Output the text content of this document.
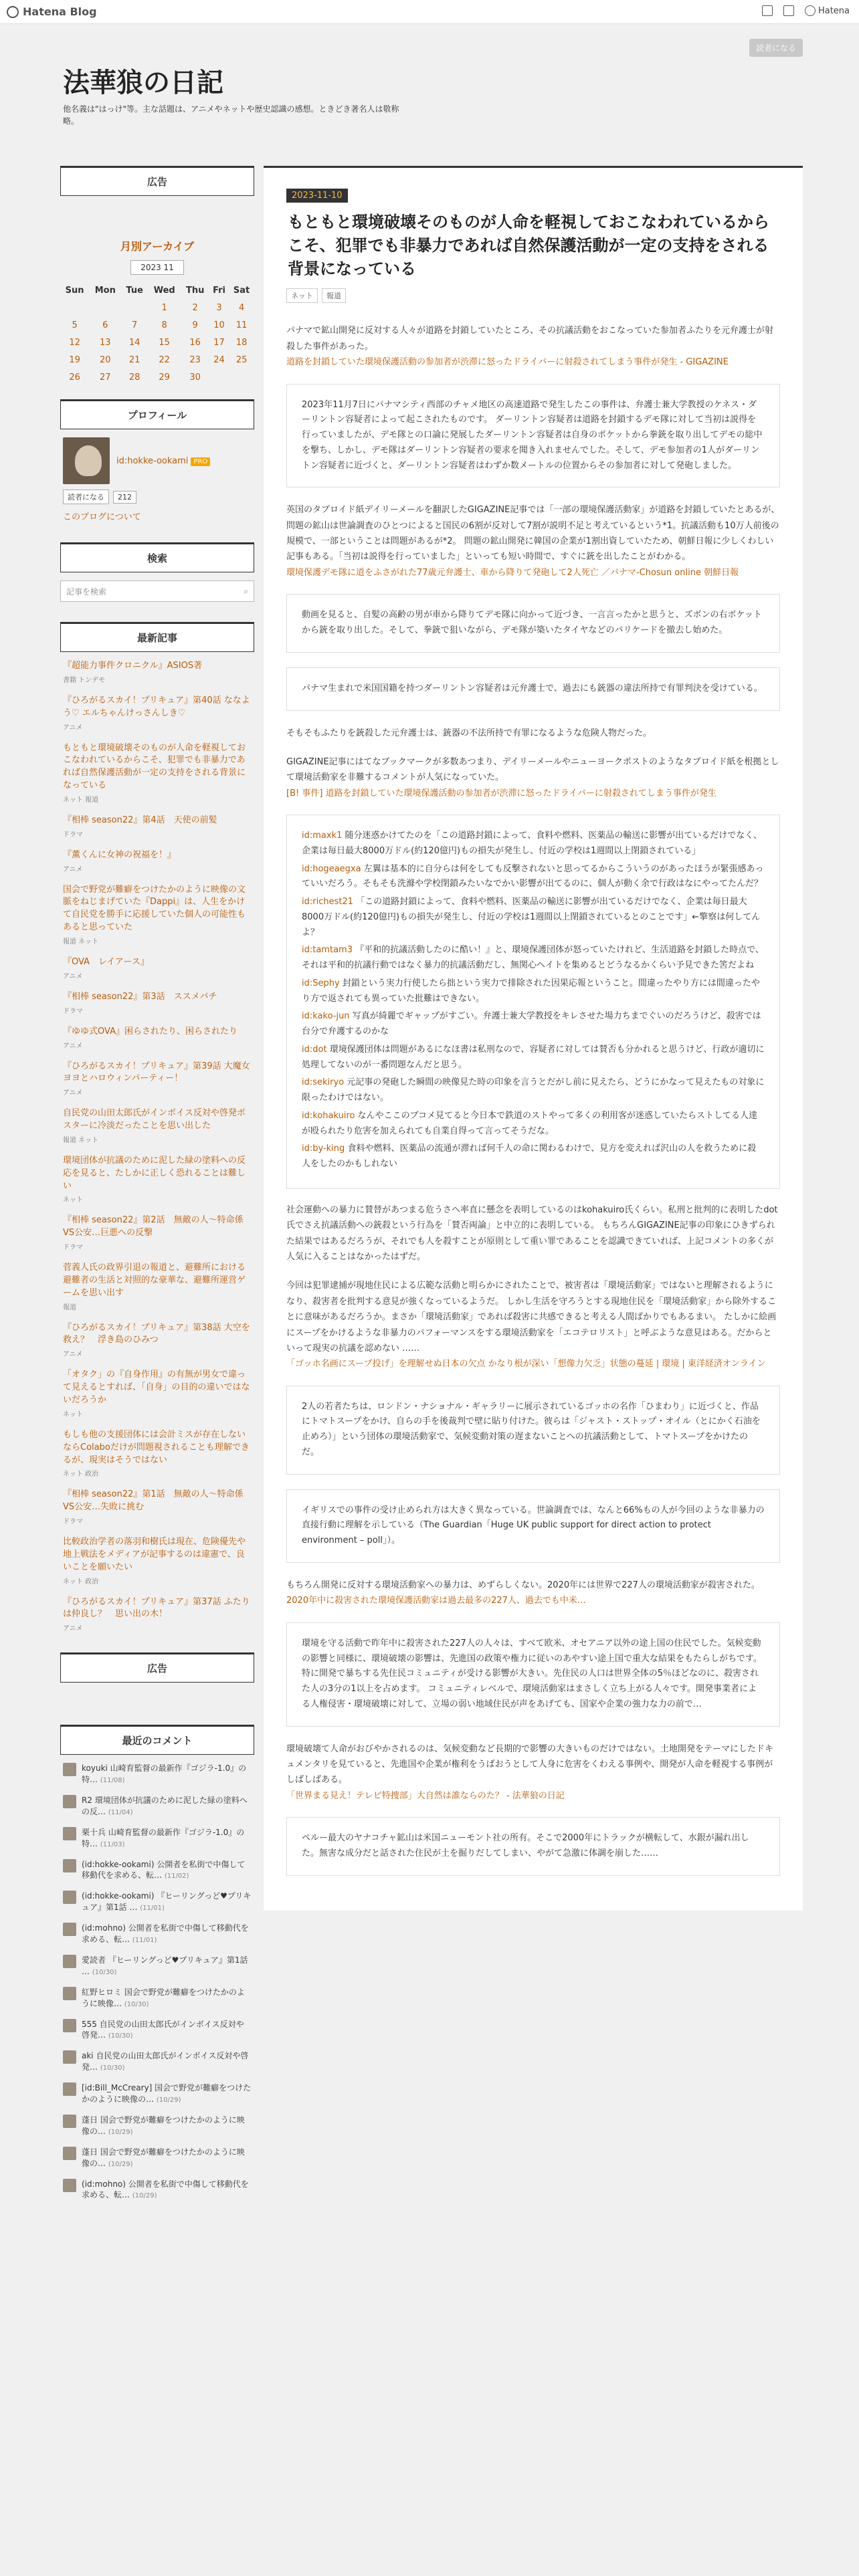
Hatena Blog	Hatena
法華狼の日記
他名義は"はっけ"等。主な話題は、アニメやネットや歴史認識の感想。ときどき著名人は敬称略。
読者になる
広告
月別アーカイブ
2023 11
Sun	Mon	Tue	Wed	Thu	Fri	Sat
			1	2	3	4
5	6	7	8	9	10	11
12	13	14	15	16	17	18
19	20	21	22	23	24	25
26	27	28	29	30		
プロフィール
id:hokke-ookami PRO
読者になる	212
このブログについて
検索
記事を検索	⌕
最新記事
『超能力事件クロニクル』ASIOS著
書籍 トンデモ
『ひろがるスカイ！プリキュア』第40話 ななよう♡ エルちゃんけっさんしき♡
アニメ
もともと環境破壊そのものが人命を軽視しておこなわれているからこそ、犯罪でも非暴力であれば自然保護活動が一定の支持をされる背景になっている
ネット 報道
『相棒 season22』第4話　天使の前髪
ドラマ
『薫くんに女神の祝福を！』
アニメ
国会で野党が難癖をつけたかのように映像の文脈をねじまげていた『Dappi』は、人生をかけて自民党を勝手に応援していた個人の可能性もあると思っていた
報道 ネット
『OVA　レイアース』
アニメ
『相棒 season22』第3話　ススメバチ
ドラマ
『ゆゆ式OVA』困らされたり、困らされたり
アニメ
『ひろがるスカイ！プリキュア』第39話 大魔女ヨヨとハロウィンパーティー！
アニメ
自民党の山田太郎氏がインボイス反対や啓発ポスターに冷淡だったことを思い出した
報道 ネット
環境団体が抗議のために泥した緑の塗料への反応を見ると、たしかに正しく恐れることは難しい
ネット
『相棒 season22』第2話　無敵の人〜特命係VS公安…巨悪への反撃
ドラマ
菅義人氏の政界引退の報道と、避難所における避難者の生活と対照的な豪華な、避難所運営ゲームを思い出す
報道
『ひろがるスカイ！プリキュア』第38話 大空を救え？　浮き島のひみつ
アニメ
「オタク」の『自身作用』の有無が男女で違って見えるとすれば、「自身」の目的の違いではないだろうか
ネット
もしも他の支援団体には会計ミスが存在しないならColaboだけが問題視されることも理解できるが、現実はそうではない
ネット 政治
『相棒 season22』第1話　無敵の人〜特命係VS公安…失敗に挑む
ドラマ
比較政治学者の落羽和樹氏は現在、危険優先や地上戦法をメディアが記事するのは違憲で、良いことを願いたい
ネット 政治
『ひろがるスカイ！プリキュア』第37話 ふたりは仲良し？　思い出の木！
アニメ
広告
最近のコメント
koyuki 山崎育監督の最新作『ゴジラ-1.0』の特… (11/08)
R2 環境団体が抗議のために泥した緑の塗料への反… (11/04)
栗十兵 山崎育監督の最新作『ゴジラ-1.0』の特… (11/03)
(id:hokke-ookami) 公開者を私街で中傷して移動代を求める、転… (11/02)
(id:hokke-ookami) 『ヒーリングっど♥プリキュア』第1話 … (11/01)
(id:mohno) 公開者を私街で中傷して移動代を求める、転… (11/01)
愛読者 『ヒーリングっど♥プリキュア』第1話 … (10/30)
紅野ヒロミ 国会で野党が難癖をつけたかのように映像… (10/30)
555 自民党の山田太郎氏がインボイス反対や啓発… (10/30)
aki 自民党の山田太郎氏がインボイス反対や啓発… (10/30)
[id:Bill_McCreary] 国会で野党が難癖をつけたかのように映像の… (10/29)
蓬日 国会で野党が難癖をつけたかのように映像の… (10/29)
蓬日 国会で野党が難癖をつけたかのように映像の… (10/29)
(id:mohno) 公開者を私街で中傷して移動代を求める、転… (10/29)
2023-11-10
もともと環境破壊そのものが人命を軽視しておこなわれているからこそ、犯罪でも非暴力であれば自然保護活動が一定の支持をされる背景になっている
ネット 報道

パナマで鉱山開発に反対する人々が道路を封鎖していたところ、その抗議活動をおこなっていた参加者ふたりを元弁護士が射殺した事件があった。
道路を封鎖していた環境保護活動の参加者が渋滞に怒ったドライバーに射殺されてしまう事件が発生 - GIGAZINE

2023年11月7日にパナマシティ西部のチャメ地区の高速道路で発生したこの事件は、弁護士兼大学教授のケネス・ダーリントン容疑者によって起こされたものです。 ダーリントン容疑者は道路を封鎖するデモ隊に対して当初は説得を行っていましたが、デモ隊との口論に発展したダーリントン容疑者は自身のポケットから拳銃を取り出してデモの総中を撃ち、しかし、デモ隊はダーリントン容疑者の要求を聞き入れませんでした。そして、デモ参加者の1人がダーリントン容疑者に近づくと、ダーリントン容疑者はわずか数メートルの位置からその参加者に対して発砲しました。

英国のタブロイド紙デイリーメールを翻訳したGIGAZINE記事では「一部の環境保護活動家」が道路を封鎖していたとあるが、問題の鉱山は世論調査のひとつによると国民の6割が反対して7割が説明不足と考えているという*1。抗議活動も10万人前後の規模で、一部ということは問題があるが*2。 問題の鉱山開発に韓国の企業が1割出資していたため、朝鮮日報に少しくわしい記事もある。「当初は説得を行っていました」といっても短い時間で、すぐに銃を出したことがわかる。
環境保護デモ隊に道をふさがれた77歳元弁護士、車から降りて発砲して2人死亡 ／パナマ-Chosun online 朝鮮日報

動画を見ると、自髪の高齢の男が車から降りてデモ隊に向かって近づき、一言言ったかと思うと、ズボンの右ポケットから銃を取り出した。そして、拳銃で狙いながら、デモ隊が築いたタイヤなどのバリケードを撤去し始めた。
パナマ生まれで米国国籍を持つダーリントン容疑者は元弁護士で、過去にも銃器の違法所持で有罪判決を受けている。

そもそもふたりを銃殺した元弁護士は、銃器の不法所持で有罪になるような危険人物だった。

GIGAZINE記事にはてなブックマークが多数あつまり、デイリーメールやニューヨークポストのようなタブロイド紙を根拠として環境活動家を非難するコメントが人気になっていた。
[B! 事件] 道路を封鎖していた環境保護活動の参加者が渋滞に怒ったドライバーに射殺されてしまう事件が発生

id:maxk1 随分迷惑かけてたのを「この道路封鎖によって、食料や燃料、医薬品の輸送に影響が出ているだけでなく、企業は毎日最大8000万ドル(約120億円)もの損失が発生し、付近の学校は1週間以上閉鎖されている」

id:hogeaegxa 左翼は基本的に自分らは何をしても反撃されないと思ってるからこういうのがあったほうが緊張感あっていいだろう。そもそも洗滌や学校閉鎖みたいなでかい影響が出てるのに、個人が動く余で行政はなにやってたんだ？

id:richest21 「この道路封鎖によって、食料や燃料、医薬品の輸送に影響が出ているだけでなく、企業は毎日最大8000万ドル(約120億円)もの損失が発生し、付近の学校は1週間以上閉鎖されているとのことです」←擎察は何してんよ？

id:tamtam3 『平和的抗議活動したのに酷い！』と、環境保護団体が怒っていたけれど、生活道路を封鎖した時点で、それは平和的抗議行動ではなく暴力的抗議活動だし、無関心へイトを集めるとどうなるかくらい予見できた筈だよね

id:Sephy 封鎖という実力行使したら拙という実力で排除された因果応報ということ。間違ったやり方には間違ったやり方で返されても異っていた批難はできない。

id:kako-jun 写真が綺麗でギャップがすごい。弁護士兼大学教授をキレさせた場力ちまでぐいのだろうけど、殺害では台分で弁護するのかな

id:dot 環境保護団体は問題があるになほ書は私刑なので、容疑者に対しては賛否も分かれると思うけど、行政が適切に処理してないのが一番問題なんだと思う。

id:sekiryo 元記事の発砲した瞬間の映像見た時の印象を言うとだがし前に見えたら、どうにかなって見えたもの対象に限ったわけではない。

id:kohakuiro なんやここのブコメ見てると今日本で鉄道のストやって多くの利用客が迷惑していたらストしてる人達が殴られたり危害を加えられても自業自得って言ってそうだな。

id:by-king 食料や燃料、医薬品の流通が滞れば何千人の命に関わるわけで、見方を変えれば沢山の人を救うために殺人をしたのかもしれない

社会運動への暴力に賛替があつまる危うさへ率直に懸念を表明しているのはkohakuiro氏くらい。私刑と批判的に表明したdot氏でさえ抗議活動への銃殺という行為を「賛否両論」と中立的に表明している。 もちろんGIGAZINE記事の印象にひきずられた結果ではあるだろうが、それでも人を殺すことが原則として重い罪であることを認識できていれば、上記コメントの多くが人気に入ることはなかったはずだ。

今回は犯罪逮捕が現地住民による広範な活動と明らかにされたことで、被害者は「環境活動家」ではないと理解されるようになり、殺害者を批判する意見が強くなっているようだ。 しかし生活を守ろうとする現地住民を「環境活動家」から除外することに意味があるだろうか。まさか「環境活動家」であれば殺害に共感できると考える人間ばかりでもあるまい。 たしかに絵画にスープをかけるような非暴力のパフォーマンスをする環境活動家を「エコテロリスト」と呼ぶような意見はある。だからといって現実の抗議を認めない ……
「ゴッホ名画にスープ投げ」を理解せぬ日本の欠点 かなり根が深い「想像力欠乏」状態の蔓延 | 環境 | 東洋経済オンライン

2人の若者たちは、ロンドン・ナショナル・ギャラリーに展示されているゴッホの名作「ひまわり」に近づくと、作品にトマトスープをかけ、自らの手を後裁判で壁に貼り付けた。彼らは「ジャスト・ストップ・オイル（とにかく石油を止めろ）」という団体の環境活動家で、気候変動対策の遅まないことへの抗議活動として、トマトスープをかけたのだ。
イギリスでの事件の受け止められ方は大きく異なっている。世論調査では、なんと66%もの人が今回のような非暴力の直接行動に理解を示している（The Guardian「Huge UK public support for direct action to protect environment – poll」）。

もちろん開発に反対する環境活動家への暴力は、めずらしくない。2020年には世界で227人の環境活動家が殺害された。
2020年中に殺害された環境保護活動家は過去最多の227人、過去でも中米…

環境を守る活動で昨年中に殺害された227人の人々は、すべて欧米、オセアニア以外の途上国の住民でした。気候変動の影響と同様に、環境破壊の影響は、先進国の政策や権力に従いのあやすい途上国で重大な結果をもたらしがちです。特に開発で暴ちする先住民コミュニティが受ける影響が大きい。先住民の人口は世界全体の5％ほどなのに、殺害された人の3分の1以上を占めます。 コミュニティレベルで、環境活動家はまさしく立ち上がる人々です。開発事業者による人権侵害・環境破壊に対して、立場の弱い地域住民が声をあげても、国家や企業の強力な力の前で…

環境破壊て人命がおびやかされるのは、気候変動など長期的で影響の大きいものだけではない。土地開発をテーマにしたドキュメンタリを見ていると、先進国や企業が権利をうばおうとして人身に危害をくわえる事例や、開発が人命を軽視する事例がしばしばある。
「世界まる見え！テレビ特捜部」大自然は誰ならのた？ - 法華狼の日記

ペルー最大のヤナコチャ鉱山は米国ニューモント社の所有。そこで2000年にトラックが横転して、水銀が漏れ出した。無害な成分だと話された住民が土を掘りだしてしまい、やがて急激に体調を崩した……
